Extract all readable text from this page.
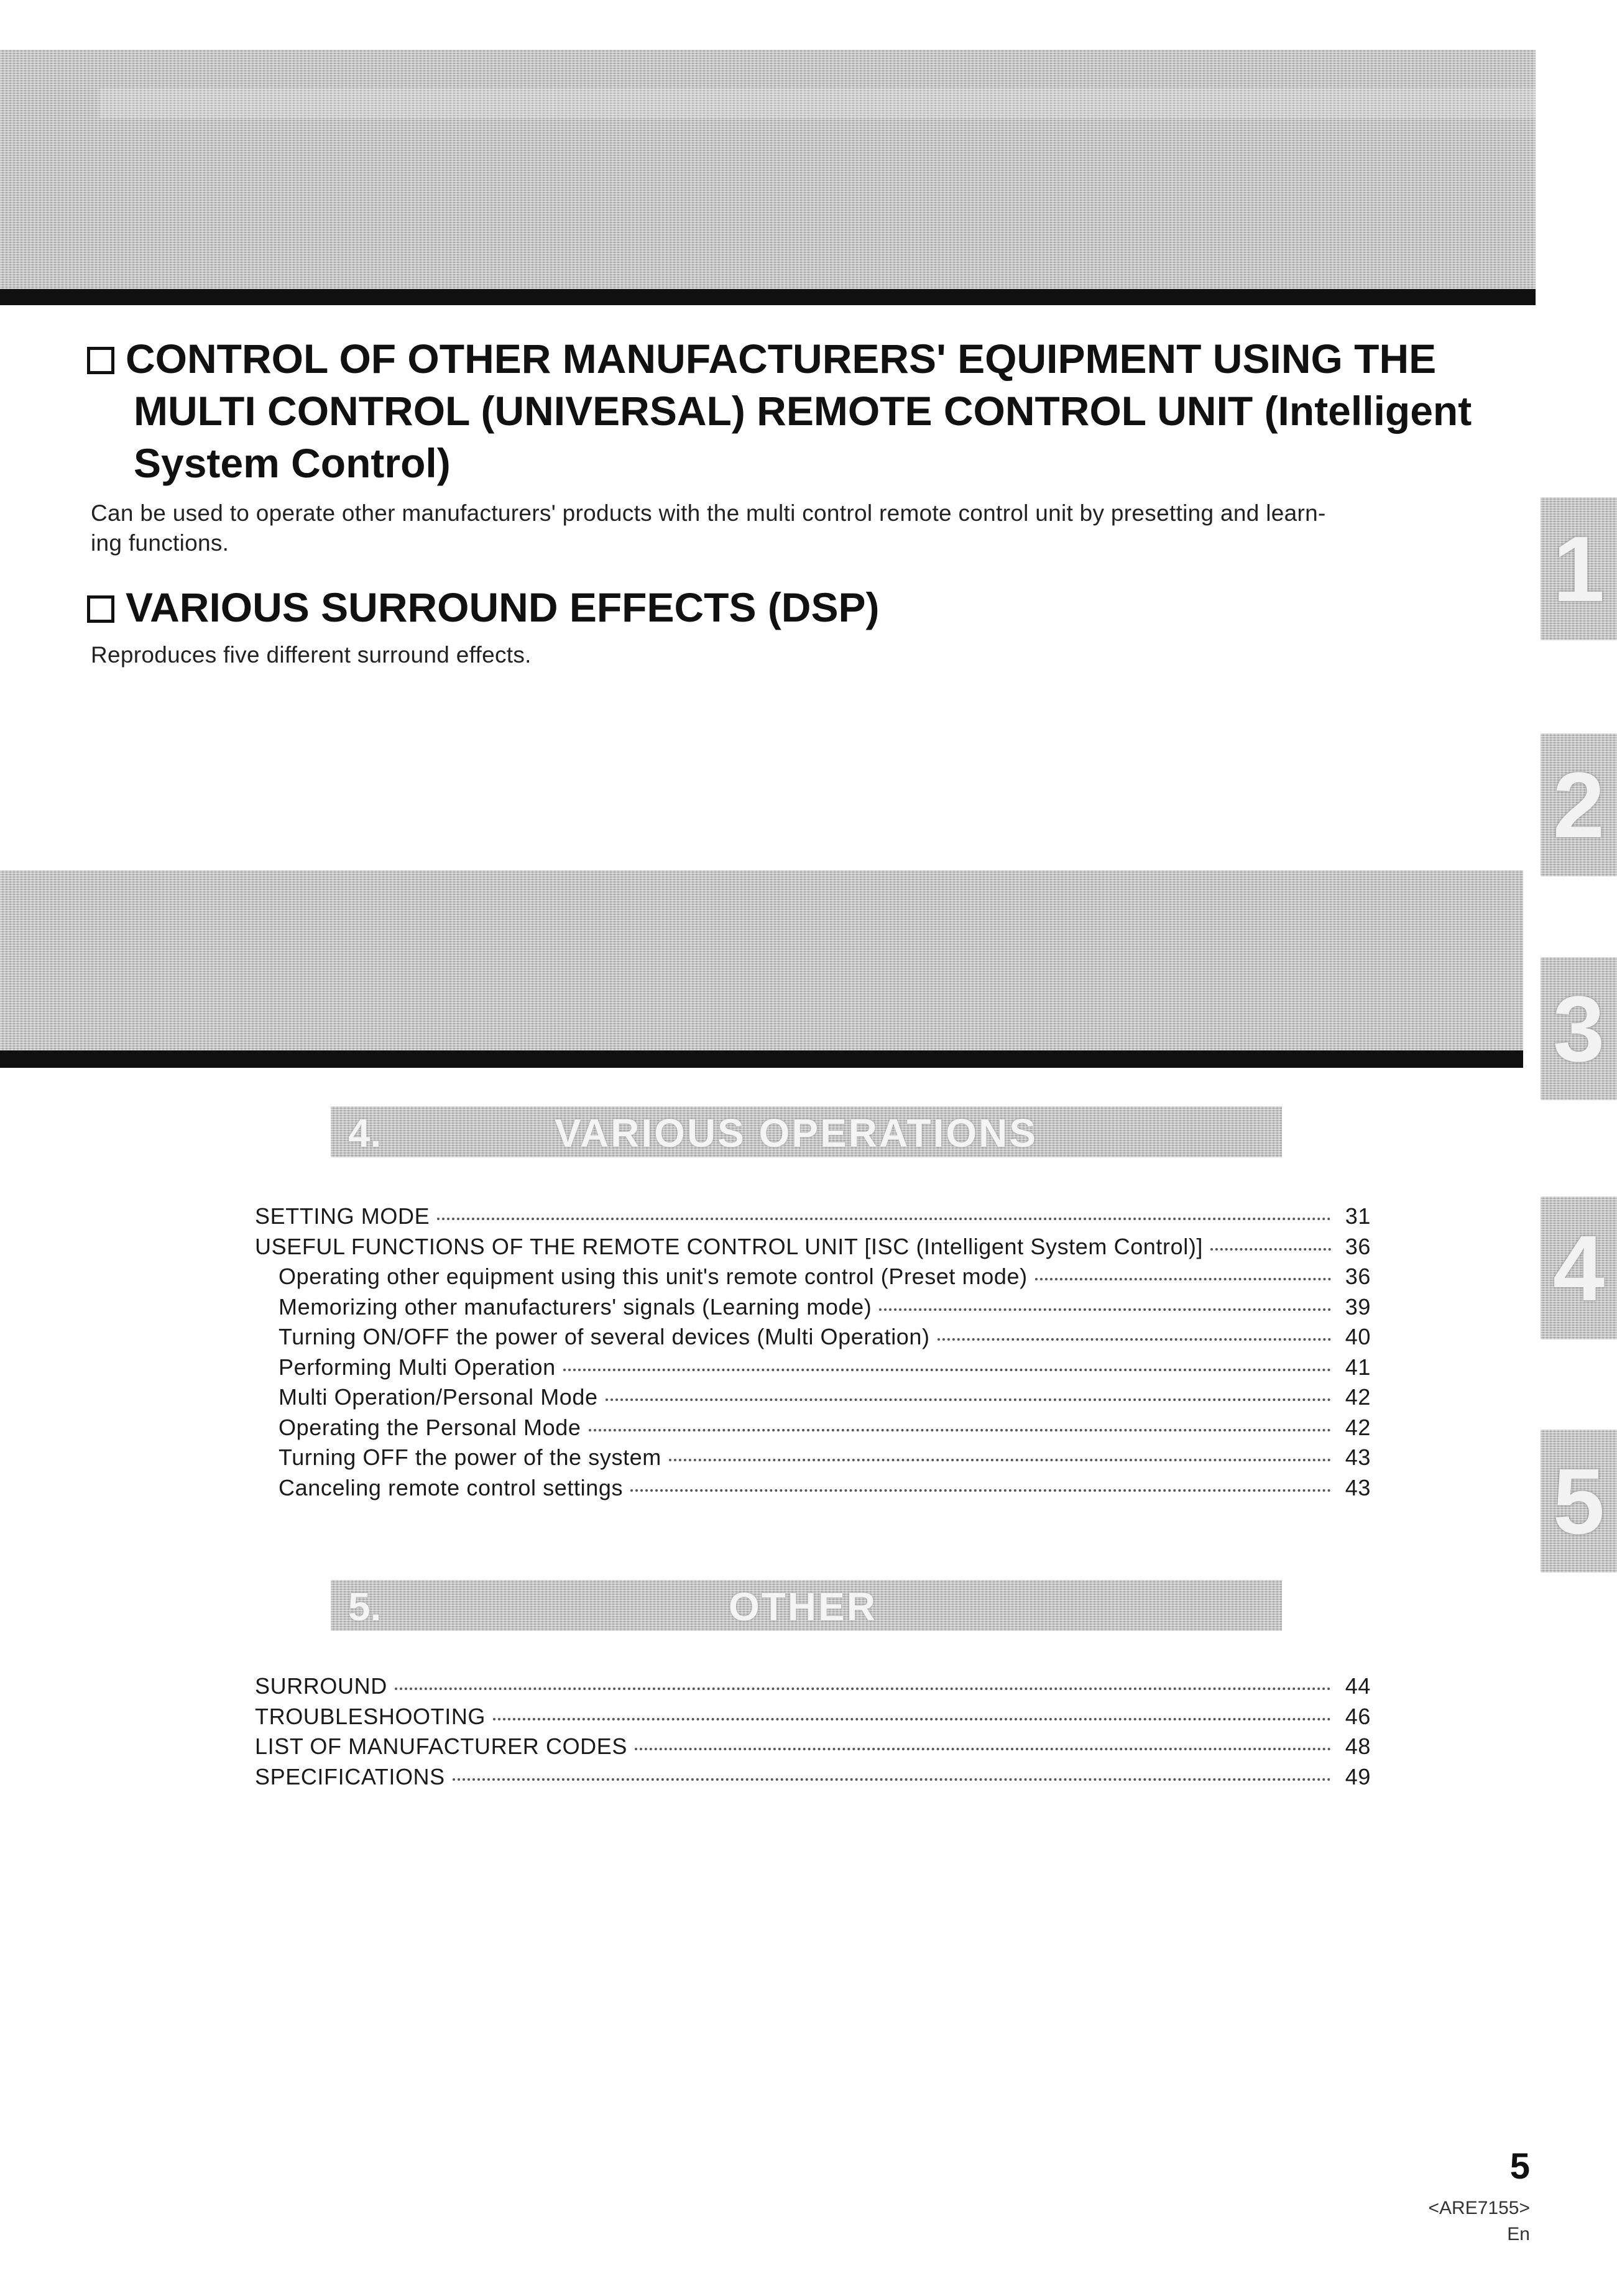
CONTROL OF OTHER MANUFACTURERS' EQUIPMENT USING THE
MULTI CONTROL (UNIVERSAL) REMOTE CONTROL UNIT (Intelligent
System Control)

Can be used to operate other manufacturers' products with the multi control remote control unit by presetting and learn-
ing functions.

VARIOUS SURROUND EFFECTS (DSP)

Reproduces five different surround effects.

4.	VARIOUS OPERATIONS
SETTING MODE	31
USEFUL FUNCTIONS OF THE REMOTE CONTROL UNIT [ISC (Intelligent System Control)]	36
Operating other equipment using this unit's remote control (Preset mode)	36
Memorizing other manufacturers' signals (Learning mode)	39
Turning ON/OFF the power of several devices (Multi Operation)	40
Performing Multi Operation	41
Multi Operation/Personal Mode	42
Operating the Personal Mode	42
Turning OFF the power of the system	43
Canceling remote control settings	43
5.	OTHER
SURROUND	44
TROUBLESHOOTING	46
LIST OF MANUFACTURER CODES	48
SPECIFICATIONS	49
1
2
3
4
5
5
<ARE7155>
En
